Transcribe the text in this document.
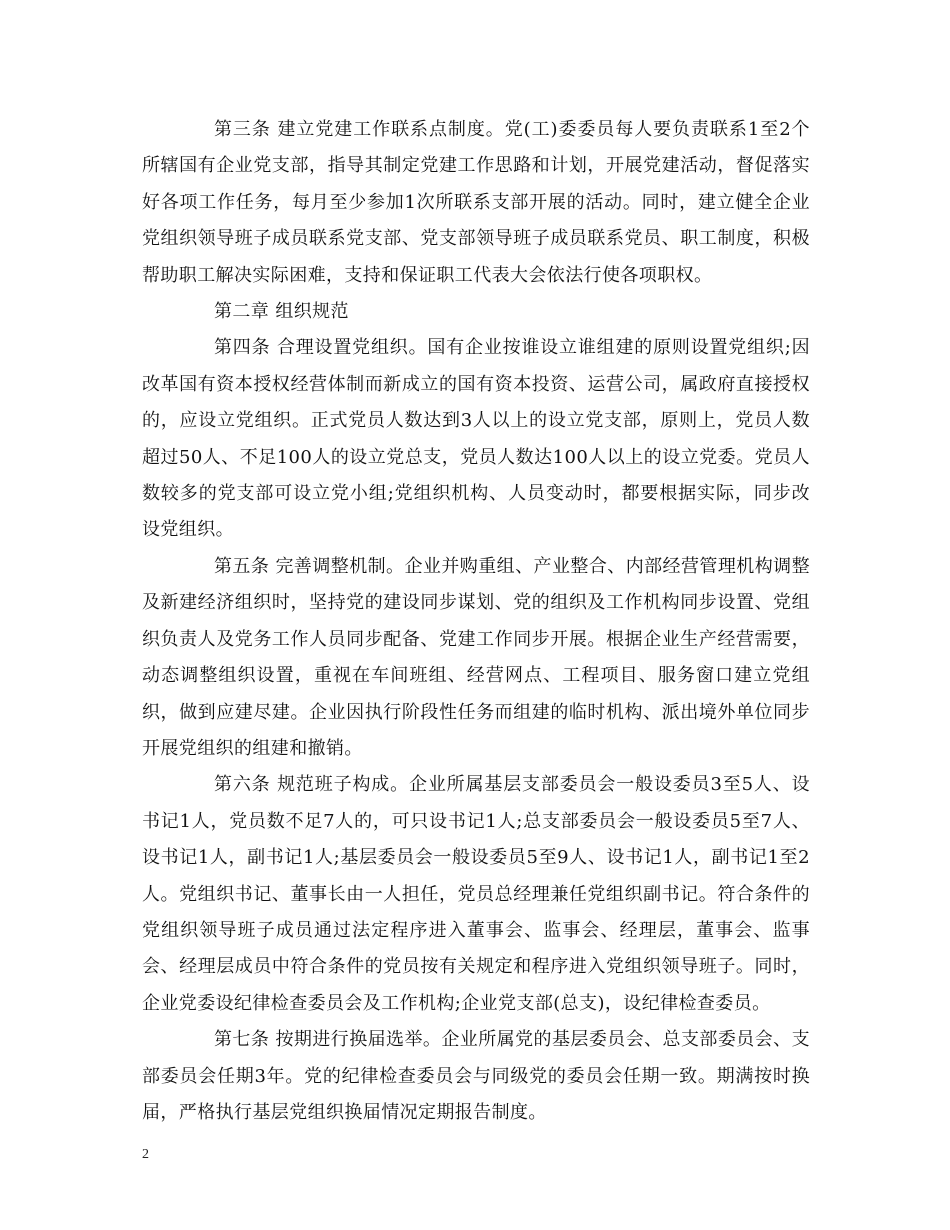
第三条 建立党建工作联系点制度。党(工)委委员每人要负责联系1至2个所辖国有企业党支部，指导其制定党建工作思路和计划，开展党建活动，督促落实好各项工作任务，每月至少参加1次所联系支部开展的活动。同时，建立健全企业党组织领导班子成员联系党支部、党支部领导班子成员联系党员、职工制度，积极帮助职工解决实际困难，支持和保证职工代表大会依法行使各项职权。

第二章 组织规范

第四条 合理设置党组织。国有企业按谁设立谁组建的原则设置党组织;因改革国有资本授权经营体制而新成立的国有资本投资、运营公司，属政府直接授权的，应设立党组织。正式党员人数达到3人以上的设立党支部，原则上，党员人数超过50人、不足100人的设立党总支，党员人数达100人以上的设立党委。党员人数较多的党支部可设立党小组;党组织机构、人员变动时，都要根据实际，同步改设党组织。

第五条 完善调整机制。企业并购重组、产业整合、内部经营管理机构调整及新建经济组织时，坚持党的建设同步谋划、党的组织及工作机构同步设置、党组织负责人及党务工作人员同步配备、党建工作同步开展。根据企业生产经营需要，动态调整组织设置，重视在车间班组、经营网点、工程项目、服务窗口建立党组织，做到应建尽建。企业因执行阶段性任务而组建的临时机构、派出境外单位同步开展党组织的组建和撤销。

第六条 规范班子构成。企业所属基层支部委员会一般设委员3至5人、设书记1人，党员数不足7人的，可只设书记1人;总支部委员会一般设委员5至7人、设书记1人，副书记1人;基层委员会一般设委员5至9人、设书记1人，副书记1至2人。党组织书记、董事长由一人担任，党员总经理兼任党组织副书记。符合条件的党组织领导班子成员通过法定程序进入董事会、监事会、经理层，董事会、监事会、经理层成员中符合条件的党员按有关规定和程序进入党组织领导班子。同时，企业党委设纪律检查委员会及工作机构;企业党支部(总支)，设纪律检查委员。

第七条 按期进行换届选举。企业所属党的基层委员会、总支部委员会、支部委员会任期3年。党的纪律检查委员会与同级党的委员会任期一致。期满按时换届，严格执行基层党组织换届情况定期报告制度。

2
